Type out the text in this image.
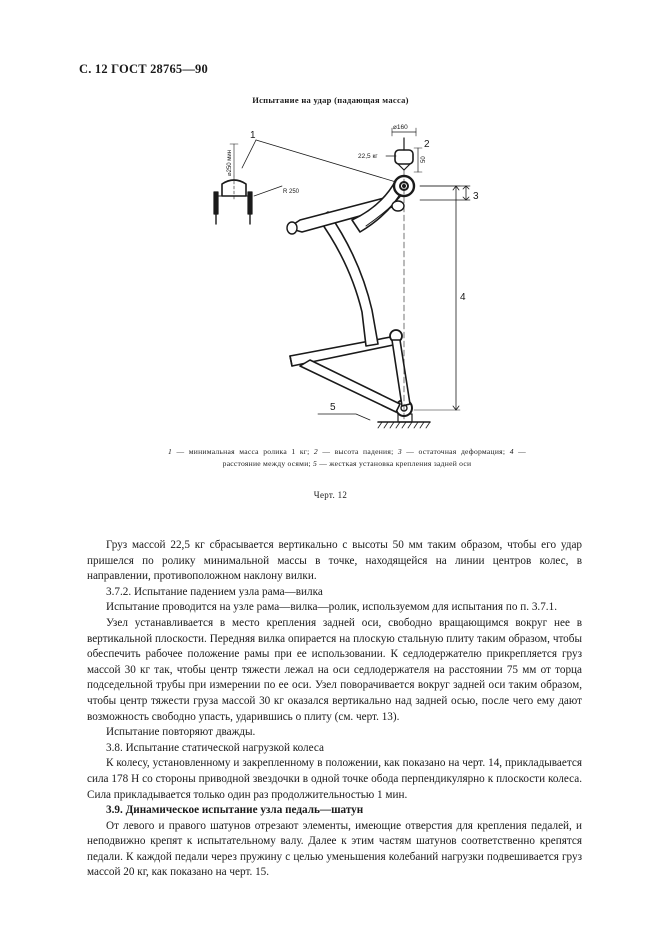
С. 12 ГОСТ 28765—90
Испытание на удар (падающая масса)
1
2
3
4
5
⌀160
22,5 кг	50
R 250
⌀250 мин
1 — минимальная масса ролика 1 кг; 2 — высота падения; 3 — остаточная деформация; 4 — расстояние между осями; 5 — жесткая установка крепления задней оси
Черт. 12

Груз массой 22,5 кг сбрасывается вертикально с высоты 50 мм таким образом, чтобы его удар пришелся по ролику минимальной массы в точке, находящейся на линии центров колес, в направлении, противоположном наклону вилки.

3.7.2. Испытание падением узла рама—вилка

Испытание проводится на узле рама—вилка—ролик, используемом для испытания по п. 3.7.1.

Узел устанавливается в место крепления задней оси, свободно вращающимся вокруг нее в вертикальной плоскости. Передняя вилка опирается на плоскую стальную плиту таким образом, чтобы обеспечить рабочее положение рамы при ее использовании. К седлодержателю прикрепляется груз массой 30 кг так, чтобы центр тяжести лежал на оси седлодержателя на расстоянии 75 мм от торца подседельной трубы при измерении по ее оси. Узел поворачивается вокруг задней оси таким образом, чтобы центр тяжести груза массой 30 кг оказался вертикально над задней осью, после чего ему дают возможность свободно упасть, ударившись о плиту (см. черт. 13).

Испытание повторяют дважды.

3.8. Испытание статической нагрузкой колеса

К колесу, установленному и закрепленному в положении, как показано на черт. 14, прикладывается сила 178 Н со стороны приводной звездочки в одной точке обода перпендикулярно к плоскости колеса. Сила прикладывается только один раз продолжительностью 1 мин.

3.9. Динамическое испытание узла педаль—шатун

От левого и правого шатунов отрезают элементы, имеющие отверстия для крепления педалей, и неподвижно крепят к испытательному валу. Далее к этим частям шатунов соответственно крепятся педали. К каждой педали через пружину с целью уменьшения колебаний нагрузки подвешивается груз массой 20 кг, как показано на черт. 15.
